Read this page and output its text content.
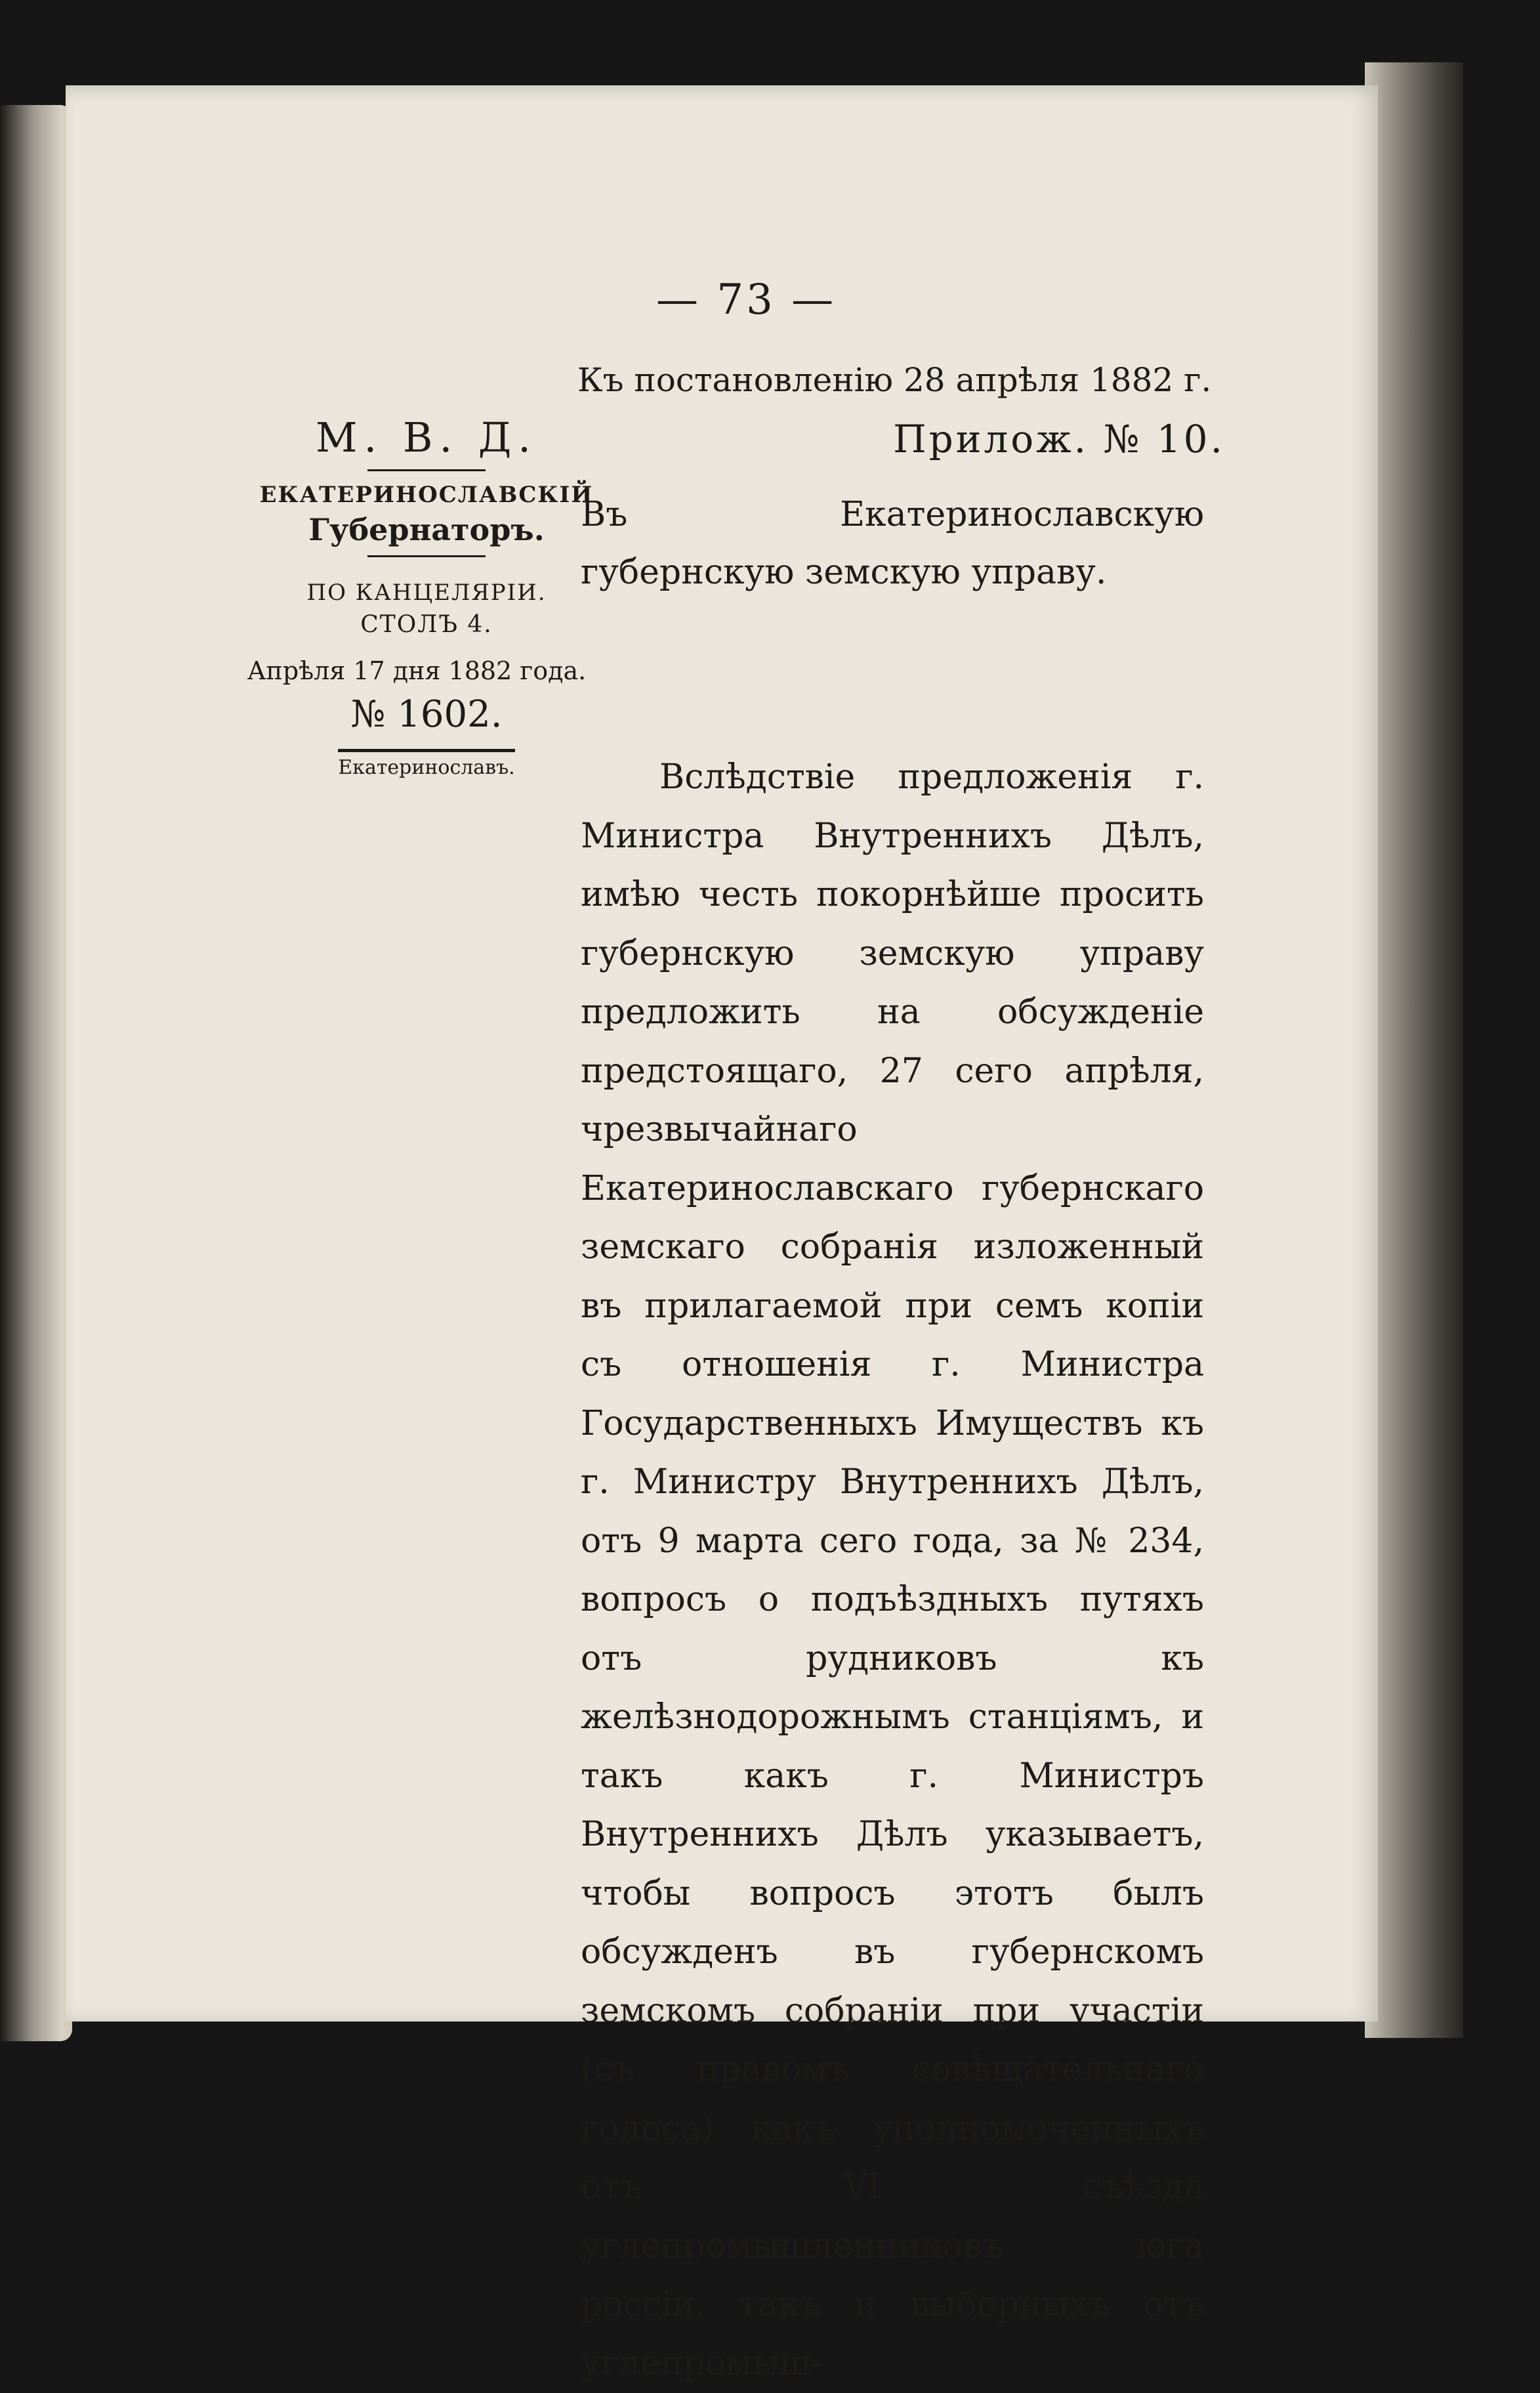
— 73 —
М. В. Д.
ЕКАТЕРИНОСЛАВСКІЙ
Губернаторъ.
ПО КАНЦЕЛЯРІИ.
СТОЛЪ 4.
Апрѣля 17 дня 1882 года.
№ 1602.
Екатеринославъ.
Къ постановленію 28 апрѣля 1882 г.
Прилож. № 10.
Въ Екатеринославскую губернскую земскую управу.
Вслѣдствіе предложенія г. Министра Внутреннихъ Дѣлъ, имѣю честь покорнѣйше просить губернскую земскую управу предложить на обсужденіе предстоящаго, 27 сего апрѣля, чрезвычайнаго Екатеринославскаго губернскаго земскаго собранія изложенный въ прилагаемой при семъ копіи съ отношенія г. Министра Государственныхъ Имуществъ къ г. Министру Внутреннихъ Дѣлъ, отъ 9 марта сего года, за № 234, вопросъ о подъѣздныхъ путяхъ отъ рудниковъ къ желѣзнодорожнымъ станціямъ, и такъ какъ г. Министръ Внутреннихъ Дѣлъ указываетъ, чтобы вопросъ этотъ былъ обсужденъ въ губернскомъ земскомъ собраніи при участіи (съ правомъ совѣщательнаго голоса) какъ уполномоченныхъ отъ VI съѣзда углепромышленниковъ юга россіи, такъ и выборныхъ отъ углепромыш-
